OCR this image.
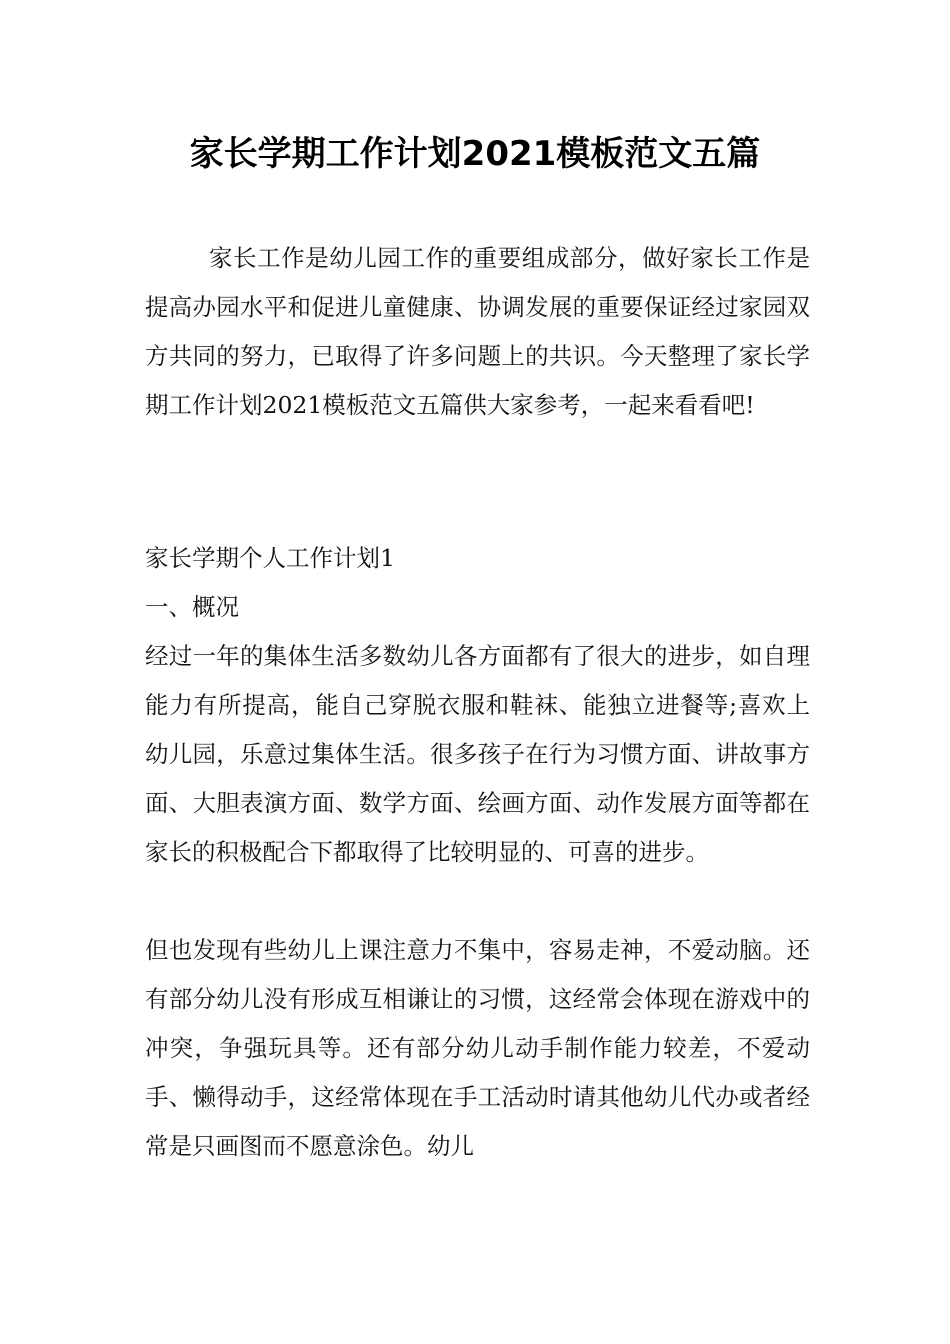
家长学期工作计划2021模板范文五篇

家长工作是幼儿园工作的重要组成部分，做好家长工作是提高办园水平和促进儿童健康、协调发展的重要保证经过家园双方共同的努力，已取得了许多问题上的共识。今天整理了家长学期工作计划2021模板范文五篇供大家参考，一起来看看吧!

家长学期个人工作计划1

一、概况

经过一年的集体生活多数幼儿各方面都有了很大的进步，如自理能力有所提高，能自己穿脱衣服和鞋袜、能独立进餐等;喜欢上幼儿园，乐意过集体生活。很多孩子在行为习惯方面、讲故事方面、大胆表演方面、数学方面、绘画方面、动作发展方面等都在家长的积极配合下都取得了比较明显的、可喜的进步。

但也发现有些幼儿上课注意力不集中，容易走神，不爱动脑。还有部分幼儿没有形成互相谦让的习惯，这经常会体现在游戏中的冲突，争强玩具等。还有部分幼儿动手制作能力较差，不爱动手、懒得动手，这经常体现在手工活动时请其他幼儿代办或者经常是只画图而不愿意涂色。幼儿
